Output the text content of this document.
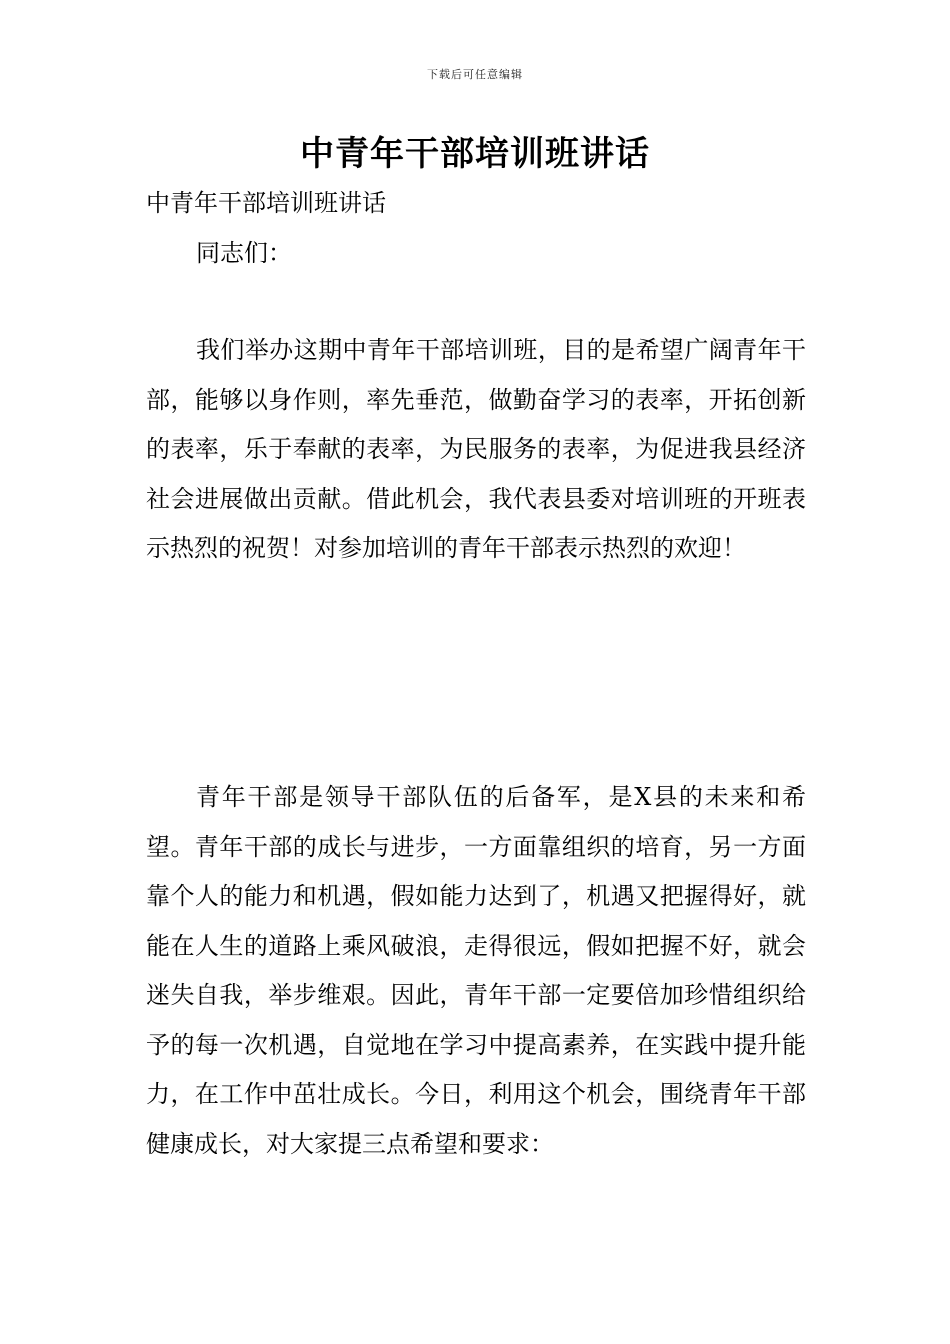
下载后可任意编辑
中青年干部培训班讲话
中青年干部培训班讲话
同志们：

我们举办这期中青年干部培训班，目的是希望广阔青年干部，能够以身作则，率先垂范，做勤奋学习的表率，开拓创新的表率，乐于奉献的表率，为民服务的表率，为促进我县经济社会进展做出贡献。借此机会，我代表县委对培训班的开班表示热烈的祝贺！对参加培训的青年干部表示热烈的欢迎！

青年干部是领导干部队伍的后备军，是X县的未来和希望。青年干部的成长与进步，一方面靠组织的培育，另一方面靠个人的能力和机遇，假如能力达到了，机遇又把握得好，就能在人生的道路上乘风破浪，走得很远，假如把握不好，就会迷失自我，举步维艰。因此，青年干部一定要倍加珍惜组织给予的每一次机遇，自觉地在学习中提高素养，在实践中提升能力，在工作中茁壮成长。今日，利用这个机会，围绕青年干部健康成长，对大家提三点希望和要求：
